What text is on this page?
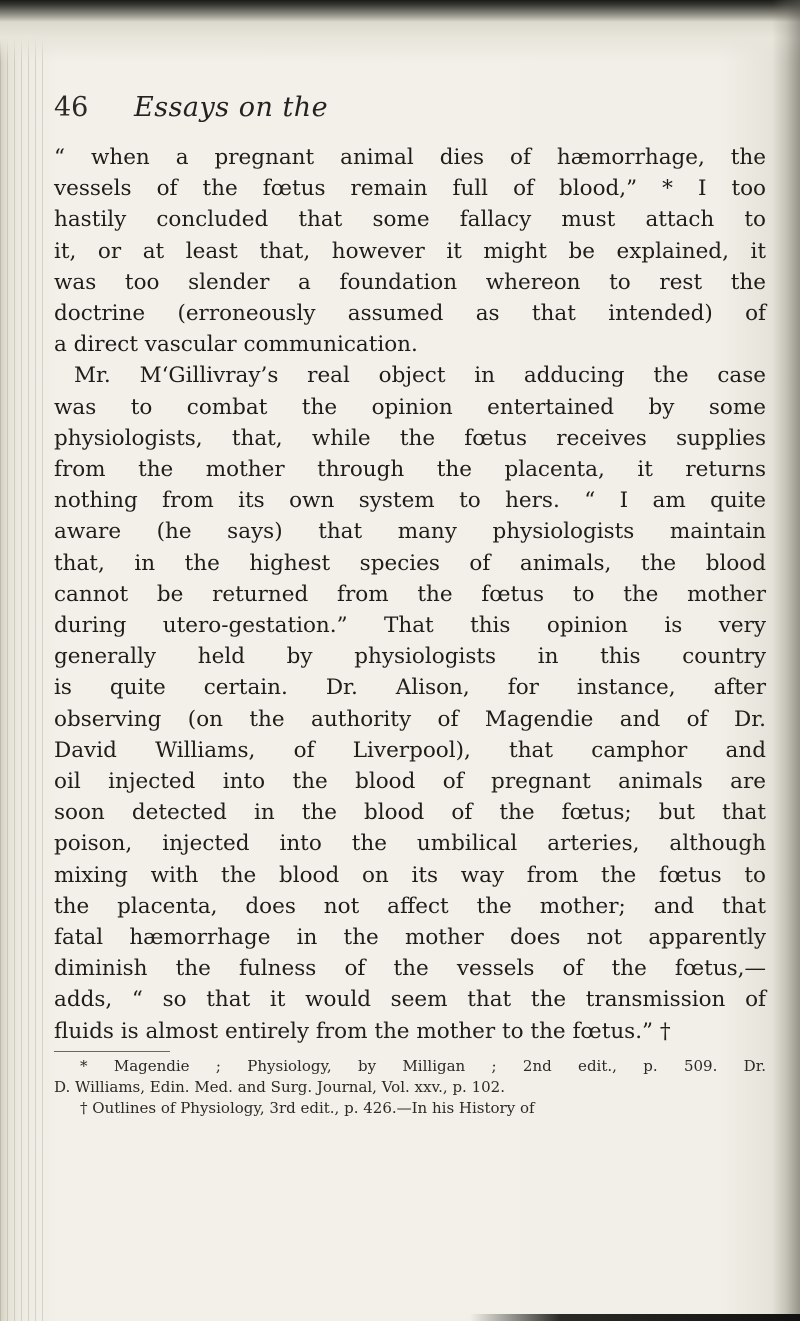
46 Essays on the
“ when a pregnant animal dies of hæmorrhage, the
vessels of the fœtus remain full of blood,” * I too
hastily concluded that some fallacy must attach to
it, or at least that, however it might be explained, it
was too slender a foundation whereon to rest the
doctrine (erroneously assumed as that intended) of
a direct vascular communication.
Mr. M‘Gillivray’s real object in adducing the case
was to combat the opinion entertained by some
physiologists, that, while the fœtus receives supplies
from the mother through the placenta, it returns
nothing from its own system to hers. “ I am quite
aware (he says) that many physiologists maintain
that, in the highest species of animals, the blood
cannot be returned from the fœtus to the mother
during utero-gestation.” That this opinion is very
generally held by physiologists in this country
is quite certain. Dr. Alison, for instance, after
observing (on the authority of Magendie and of Dr.
David Williams, of Liverpool), that camphor and
oil injected into the blood of pregnant animals are
soon detected in the blood of the fœtus; but that
poison, injected into the umbilical arteries, although
mixing with the blood on its way from the fœtus to
the placenta, does not affect the mother; and that
fatal hæmorrhage in the mother does not apparently
diminish the fulness of the vessels of the fœtus,—
adds, “ so that it would seem that the transmission of
fluids is almost entirely from the mother to the fœtus.” †
* Magendie ; Physiology, by Milligan ; 2nd edit., p. 509. Dr.
D. Williams, Edin. Med. and Surg. Journal, Vol. xxv., p. 102.
† Outlines of Physiology, 3rd edit., p. 426.—In his History of
